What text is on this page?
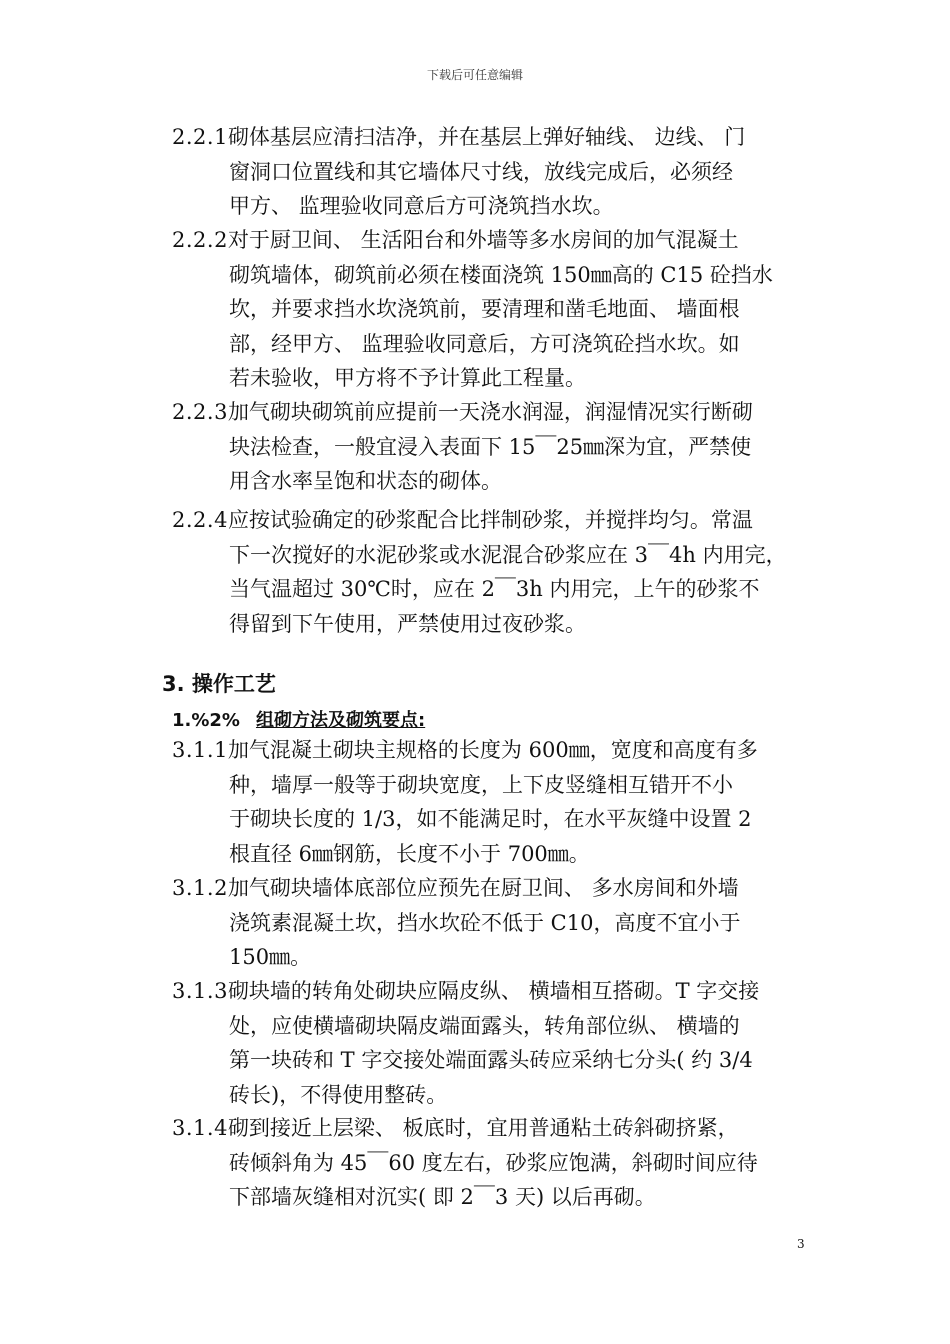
下载后可任意编辑
2.2.1砌体基层应清扫洁净，并在基层上弹好轴线、 边线、 门
窗洞口位置线和其它墙体尺寸线，放线完成后，必须经
甲方、 监理验收同意后方可浇筑挡水坎。
2.2.2对于厨卫间、 生活阳台和外墙等多水房间的加气混凝土
砌筑墙体，砌筑前必须在楼面浇筑 150㎜高的 C15 砼挡水
坎，并要求挡水坎浇筑前，要清理和凿毛地面、 墙面根
部，经甲方、 监理验收同意后，方可浇筑砼挡水坎。如
若未验收，甲方将不予计算此工程量。
2.2.3加气砌块砌筑前应提前一天浇水润湿，润湿情况实行断砌
块法检查，一般宜浸入表面下 15￣25㎜深为宜，严禁使
用含水率呈饱和状态的砌体。
2.2.4应按试验确定的砂浆配合比拌制砂浆，并搅拌均匀。常温
下一次搅好的水泥砂浆或水泥混合砂浆应在 3￣4h 内用完，
当气温超过 30℃时，应在 2￣3h 内用完，上午的砂浆不
得留到下午使用，严禁使用过夜砂浆。
3. 操作工艺
1.%2% 组砌方法及砌筑要点:
3.1.1加气混凝土砌块主规格的长度为 600㎜，宽度和高度有多
种，墙厚一般等于砌块宽度，上下皮竖缝相互错开不小
于砌块长度的 1/3，如不能满足时，在水平灰缝中设置 2
根直径 6㎜钢筋，长度不小于 700㎜。
3.1.2加气砌块墙体底部位应预先在厨卫间、 多水房间和外墙
浇筑素混凝土坎，挡水坎砼不低于 C10，高度不宜小于
150㎜。
3.1.3砌块墙的转角处砌块应隔皮纵、 横墙相互搭砌。T 字交接
处，应使横墙砌块隔皮端面露头，转角部位纵、 横墙的
第一块砖和 T 字交接处端面露头砖应采纳七分头( 约 3/4
砖长)，不得使用整砖。
3.1.4砌到接近上层梁、 板底时，宜用普通粘土砖斜砌挤紧，
砖倾斜角为 45￣60 度左右，砂浆应饱满，斜砌时间应待
下部墙灰缝相对沉实( 即 2￣3 天) 以后再砌。
3
